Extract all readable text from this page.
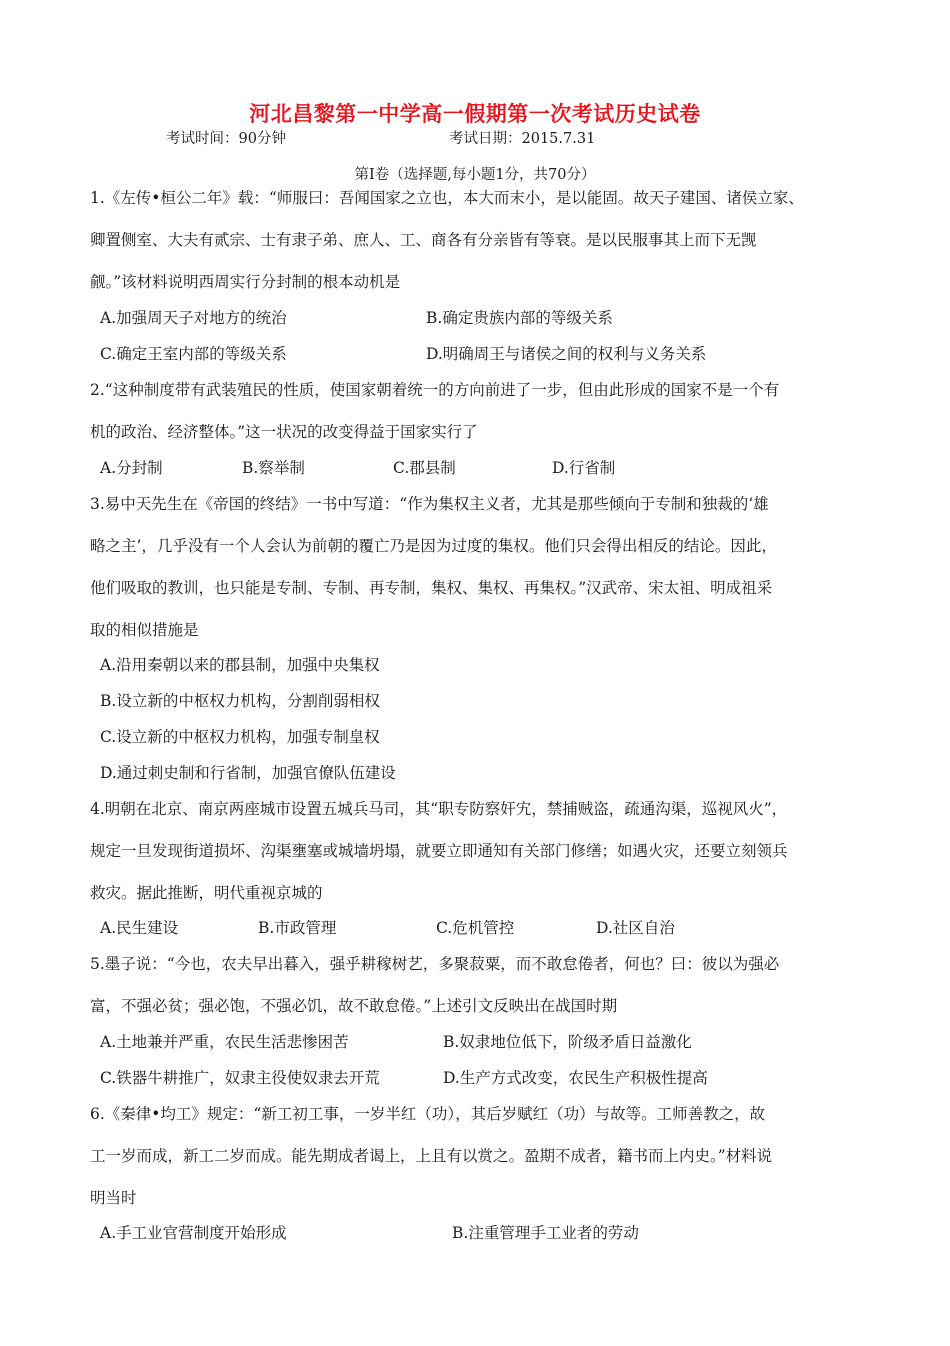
河北昌黎第一中学高一假期第一次考试历史试卷
考试时间：90分钟	考试日期：2015.7.31
第Ⅰ卷（选择题,每小题1分，共70分）
1.《左传•桓公二年》载：“师服曰：吾闻国家之立也，本大而末小，是以能固。故天子建国、诸侯立家、
卿置侧室、大夫有贰宗、士有隶子弟、庶人、工、商各有分亲皆有等衰。是以民服事其上而下无觊
觎。”该材料说明西周实行分封制的根本动机是
A.加强周天子对地方的统治	B.确定贵族内部的等级关系
C.确定王室内部的等级关系	D.明确周王与诸侯之间的权利与义务关系
2.“这种制度带有武装殖民的性质，使国家朝着统一的方向前进了一步，但由此形成的国家不是一个有
机的政治、经济整体。”这一状况的改变得益于国家实行了
A.分封制	B.察举制	C.郡县制	D.行省制
3.易中天先生在《帝国的终结》一书中写道：“作为集权主义者，尤其是那些倾向于专制和独裁的‘雄
略之主’，几乎没有一个人会认为前朝的覆亡乃是因为过度的集权。他们只会得出相反的结论。因此，
他们吸取的教训，也只能是专制、专制、再专制，集权、集权、再集权。”汉武帝、宋太祖、明成祖采
取的相似措施是
A.沿用秦朝以来的郡县制，加强中央集权
B.设立新的中枢权力机构，分割削弱相权
C.设立新的中枢权力机构，加强专制皇权
D.通过刺史制和行省制，加强官僚队伍建设
4.明朝在北京、南京两座城市设置五城兵马司，其“职专防察奸宄，禁捕贼盗，疏通沟渠，巡视风火”，
规定一旦发现街道损坏、沟渠壅塞或城墙坍塌，就要立即通知有关部门修缮；如遇火灾，还要立刻领兵
救灾。据此推断，明代重视京城的
A.民生建设	B.市政管理	C.危机管控	D.社区自治
5.墨子说：“今也，农夫早出暮入，强乎耕稼树艺，多聚菽粟，而不敢怠倦者，何也？曰：彼以为强必
富，不强必贫；强必饱，不强必饥，故不敢怠倦。”上述引文反映出在战国时期
A.土地兼并严重，农民生活悲惨困苦	B.奴隶地位低下，阶级矛盾日益激化
C.铁器牛耕推广，奴隶主役使奴隶去开荒	D.生产方式改变，农民生产积极性提高
6.《秦律•均工》规定：“新工初工事，一岁半红（功），其后岁赋红（功）与故等。工师善教之，故
工一岁而成，新工二岁而成。能先期成者谒上，上且有以赏之。盈期不成者，籍书而上内史。”材料说
明当时
A.手工业官营制度开始形成	B.注重管理手工业者的劳动
